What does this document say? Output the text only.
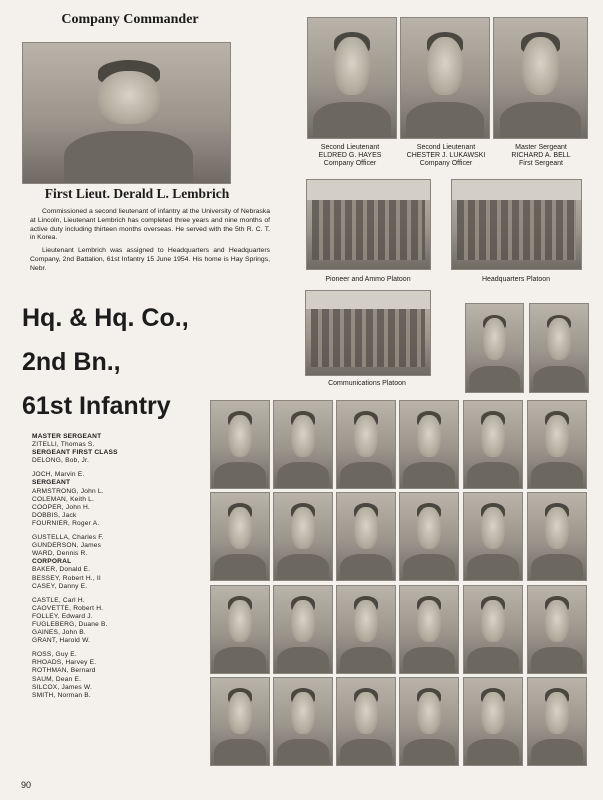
Company Commander
First Lieut. Derald L. Lembrich
Commissioned a second lieutenant of infantry at the University of Nebraska at Lincoln, Lieutenant Lembrich has completed three years and nine months of active duty including thirteen months overseas. He served with the 5th R. C. T. in Korea.
Lieutenant Lembrich was assigned to Headquarters and Headquarters Company, 2nd Battalion, 61st Infantry 15 June 1954. His home is Hay Springs, Nebr.
Hq. & Hq. Co.,
2nd Bn.,
61st Infantry
Second Lieutenant
ELDRED G. HAYES
Company Officer
Second Lieutenant
CHESTER J. LUKAWSKI
Company Officer
Master Sergeant
RICHARD A. BELL
First Sergeant
Pioneer and Ammo Platoon	Headquarters Platoon
Communications Platoon
MASTER SERGEANT
ZITELLI, Thomas S.
SERGEANT FIRST CLASS
DELONG, Bob, Jr.
JOCH, Marvin E.
SERGEANT
ARMSTRONG, John L.
COLEMAN, Keith L.
COOPER, John H.
DOBBIS, Jack
FOURNIER, Roger A.
GUSTELLA, Charles F.
GUNDERSON, James
WARD, Dennis R.
CORPORAL
BAKER, Donald E.
BESSEY, Robert H., II
CASEY, Danny E.
CASTLE, Carl H.
CAOVETTE, Robert H.
FOLLEY, Edward J.
FUGLEBERG, Duane B.
GAINES, John B.
GRANT, Harold W.
ROSS, Guy E.
RHOADS, Harvey E.
ROTHMAN, Bernard
SAUM, Dean E.
SILCOX, James W.
SMITH, Norman B.
90
